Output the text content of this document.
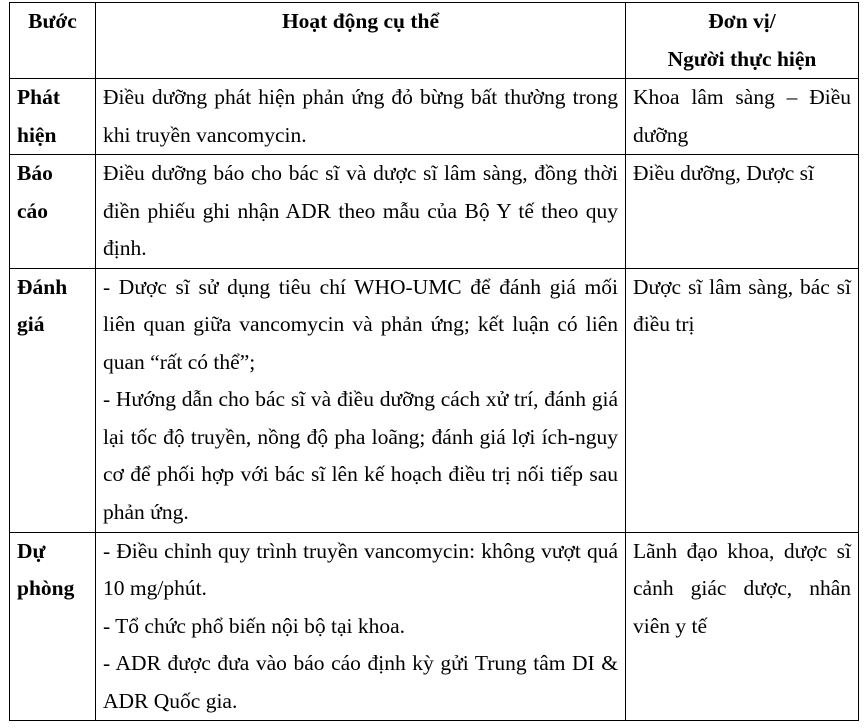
Bước	Hoạt động cụ thể	Đơn vị/
Người thực hiện

Phát
hiện	Điều dưỡng phát hiện phản ứng đỏ bừng bất thường trong khi truyền vancomycin.	Khoa lâm sàng – Điều dưỡng

Báo
cáo	Điều dưỡng báo cho bác sĩ và dược sĩ lâm sàng, đồng thời điền phiếu ghi nhận ADR theo mẫu của Bộ Y tế theo quy định.	Điều dưỡng, Dược sĩ

Đánh
giá	- Dược sĩ sử dụng tiêu chí WHO-UMC để đánh giá mối liên quan giữa vancomycin và phản ứng; kết luận có liên quan “rất có thể”;
- Hướng dẫn cho bác sĩ và điều dưỡng cách xử trí, đánh giá lại tốc độ truyền, nồng độ pha loãng; đánh giá lợi ích-nguy cơ để phối hợp với bác sĩ lên kế hoạch điều trị nối tiếp sau phản ứng.	Dược sĩ lâm sàng, bác sĩ điều trị

Dự
phòng	- Điều chỉnh quy trình truyền vancomycin: không vượt quá 10 mg/phút.
- Tổ chức phổ biến nội bộ tại khoa.
- ADR được đưa vào báo cáo định kỳ gửi Trung tâm DI & ADR Quốc gia.	Lãnh đạo khoa, dược sĩ cảnh giác dược, nhân viên y tế
